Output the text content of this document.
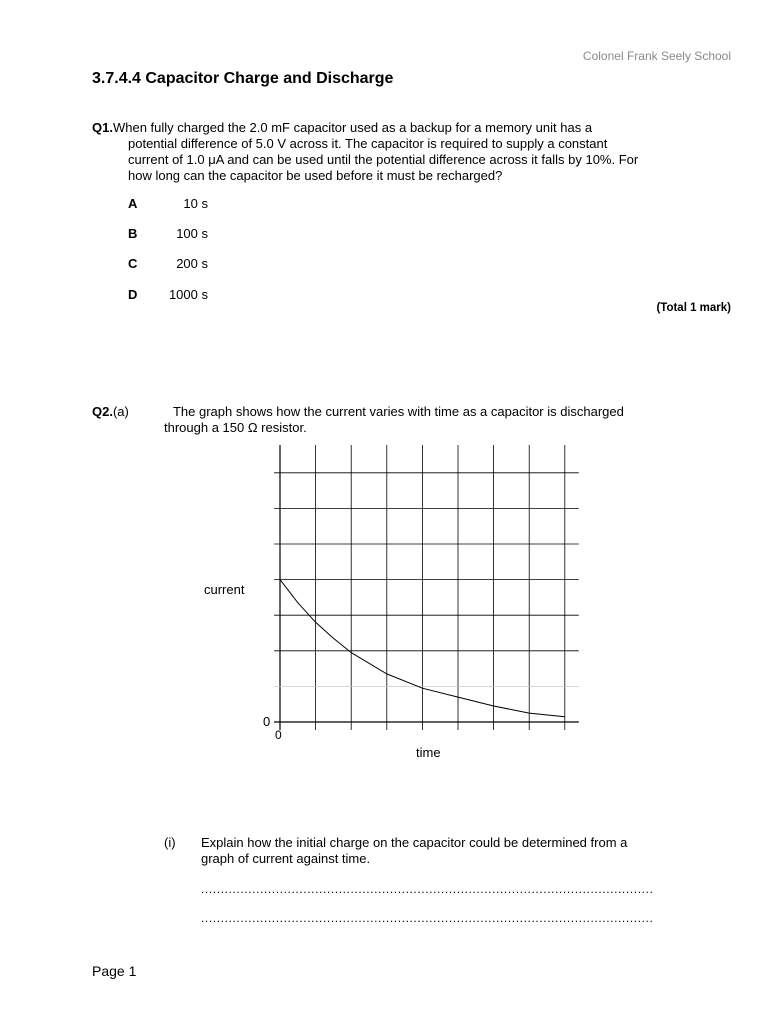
Colonel Frank Seely School
3.7.4.4 Capacitor Charge and Discharge
Q1.When fully charged the 2.0 mF capacitor used as a backup for a memory unit has a
potential difference of 5.0 V across it. The capacitor is required to supply a constant
current of 1.0 μA and can be used until the potential difference across it falls by 10%. For
how long can the capacitor be used before it must be recharged?
A	10 s
B	100 s
C	200 s
D 1000 s
(Total 1 mark)
Q2.(a)	The graph shows how the current varies with time as a capacitor is discharged
through a 150 Ω resistor.
current
time
0
0
(i) Explain how the initial charge on the capacitor could be determined from a
graph of current against time.
...................................................................................................................
...................................................................................................................
Page 1
